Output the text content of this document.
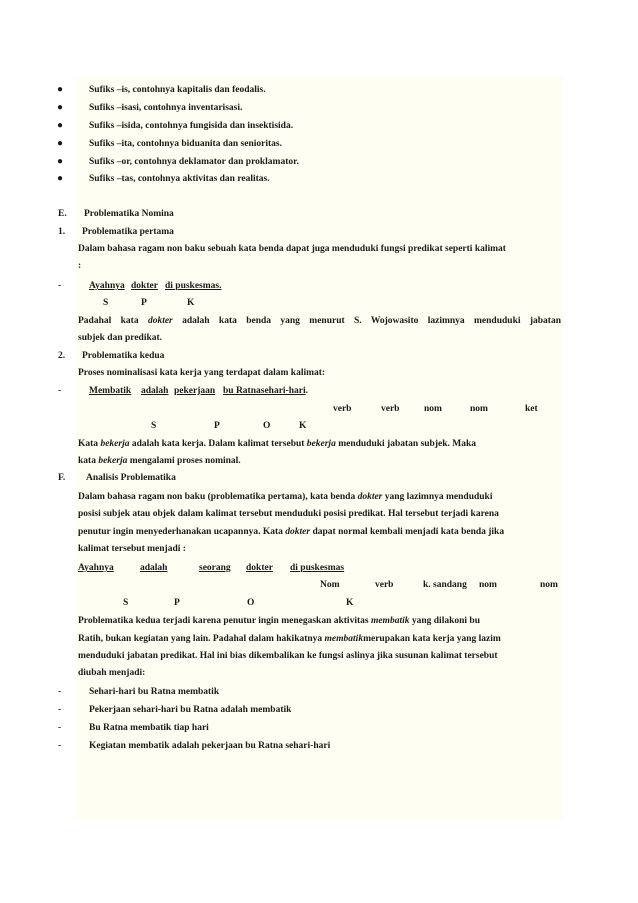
●	Sufiks –is, contohnya kapitalis dan feodalis.
●	Sufiks –isasi, contohnya inventarisasi.
●	Sufiks –isida, contohnya fungisida dan insektisida.
●	Sufiks –ita, contohnya biduanita dan senioritas.
●	Sufiks –or, contohnya deklamator dan proklamator.
●	Sufiks –tas, contohnya aktivitas dan realitas.
E. Problematika Nomina
1. Problematika pertama
Dalam bahasa ragam non baku sebuah kata benda dapat juga menduduki fungsi predikat seperti kalimat
:
-	Ayahnya dokter di puskesmas.
S	P	K
Padahal kata dokter adalah kata benda yang menurut S. Wojowasito lazimnya menduduki jabatan
subjek dan predikat.
2. Problematika kedua
Proses nominalisasi kata kerja yang terdapat dalam kalimat:
-	Membatik adalah pekerjaan bu Ratnasehari-hari.
verb	verb	nom	nom	ket
S	P	O	K
Kata bekerja adalah kata kerja. Dalam kalimat tersebut bekerja menduduki jabatan subjek. Maka
kata bekerja mengalami proses nominal.
F. Analisis Problematika
Dalam bahasa ragam non baku (problematika pertama), kata benda dokter yang lazimnya menduduki
posisi subjek atau objek dalam kalimat tersebut menduduki posisi predikat. Hal tersebut terjadi karena
penutur ingin menyederhanakan ucapannya. Kata dokter dapat normal kembali menjadi kata benda jika
kalimat tersebut menjadi :
Ayahnya	adalah	seorang dokter di puskesmas
Nom	verb	k. sandang nom	nom
S	P	O	K
Problematika kedua terjadi karena penutur ingin menegaskan aktivitas membatik yang dilakoni bu
Ratih, bukan kegiatan yang lain. Padahal dalam hakikatnya membatikmerupakan kata kerja yang lazim
menduduki jabatan predikat. Hal ini bias dikembalikan ke fungsi aslinya jika susunan kalimat tersebut
diubah menjadi:
-	Sehari-hari bu Ratna membatik
-	Pekerjaan sehari-hari bu Ratna adalah membatik
-	Bu Ratna membatik tiap hari
-	Kegiatan membatik adalah pekerjaan bu Ratna sehari-hari
